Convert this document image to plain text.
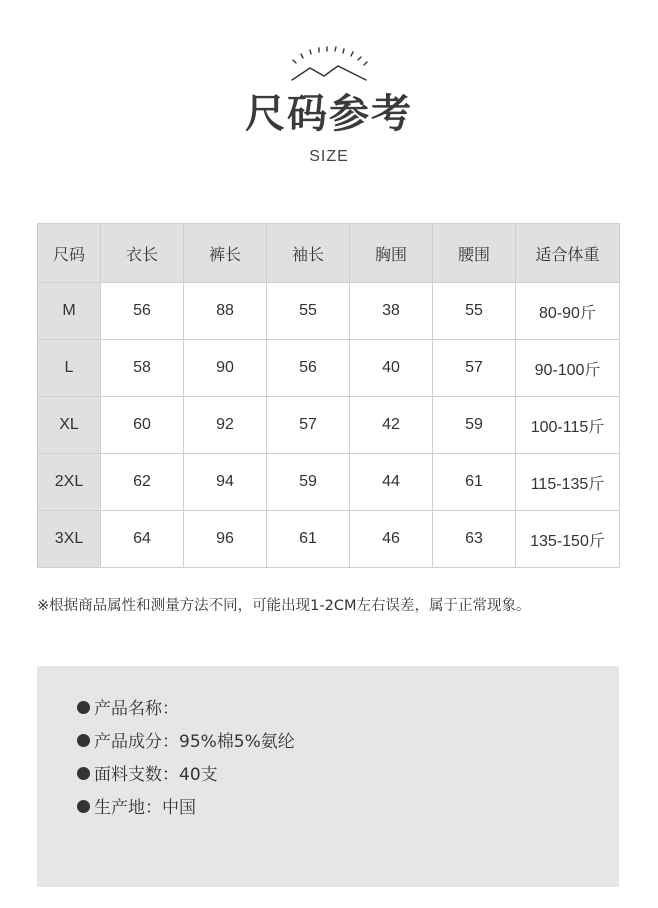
尺码参考
SIZE
尺码	衣长	裤长	袖长	胸围	腰围	适合体重
M	56	88	55	38	55	80-90斤
L	58	90	56	40	57	90-100斤
XL	60	92	57	42	59	100-115斤
2XL	62	94	59	44	61	115-135斤
3XL	64	96	61	46	63	135-150斤
※根据商品属性和测量方法不同，可能出现1-2CM左右误差，属于正常现象。
产品名称：
产品成分：95%棉5%氨纶
面料支数：40支
生产地：中国
